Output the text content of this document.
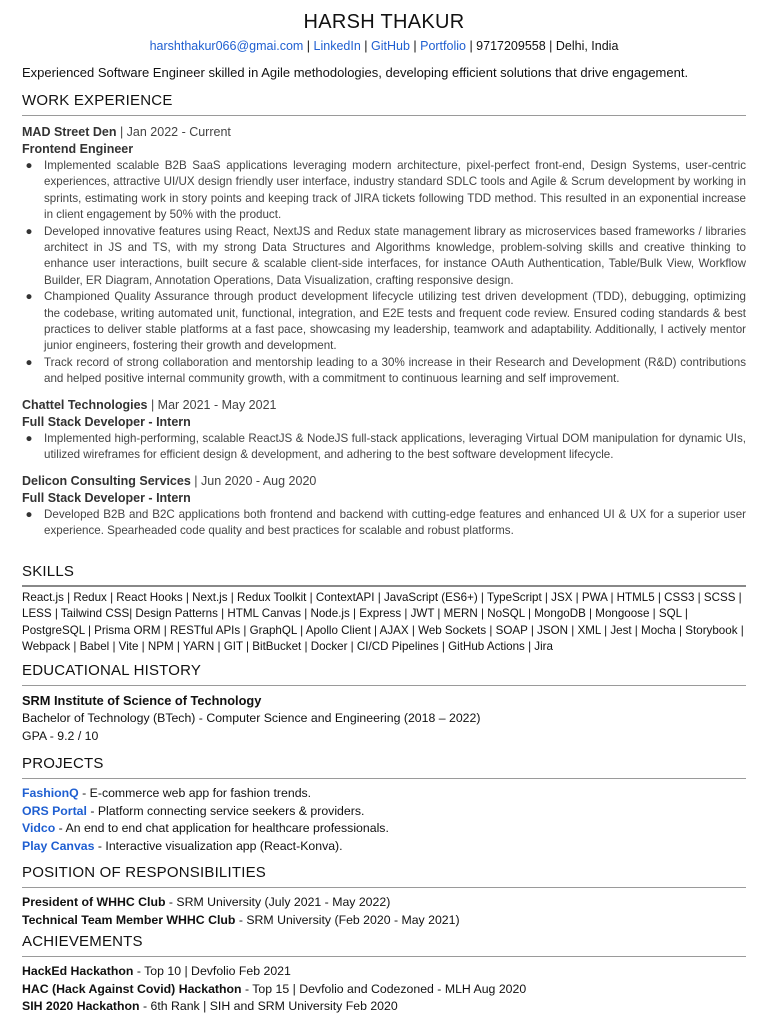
HARSH THAKUR
harshthakur066@gmai.com | LinkedIn | GitHub | Portfolio | 9717209558 | Delhi, India
Experienced Software Engineer skilled in Agile methodologies, developing efficient solutions that drive engagement.
WORK EXPERIENCE
MAD Street Den | Jan 2022 - Current
Frontend Engineer
● Implemented scalable B2B SaaS applications leveraging modern architecture, pixel-perfect front-end, Design Systems, user-centric experiences, attractive UI/UX design friendly user interface, industry standard SDLC tools and Agile & Scrum development by working in sprints, estimating work in story points and keeping track of JIRA tickets following TDD method. This resulted in an exponential increase in client engagement by 50% with the product.
● Developed innovative features using React, NextJS and Redux state management library as microservices based frameworks / libraries architect in JS and TS, with my strong Data Structures and Algorithms knowledge, problem-solving skills and creative thinking to enhance user interactions, built secure & scalable client-side interfaces, for instance OAuth Authentication, Table/Bulk View, Workflow Builder, ER Diagram, Annotation Operations, Data Visualization, crafting responsive design.
● Championed Quality Assurance through product development lifecycle utilizing test driven development (TDD), debugging, optimizing the codebase, writing automated unit, functional, integration, and E2E tests and frequent code review. Ensured coding standards & best practices to deliver stable platforms at a fast pace, showcasing my leadership, teamwork and adaptability. Additionally, I actively mentor junior engineers, fostering their growth and development.
● Track record of strong collaboration and mentorship leading to a 30% increase in their Research and Development (R&D) contributions and helped positive internal community growth, with a commitment to continuous learning and self improvement.
Chattel Technologies | Mar 2021 - May 2021
Full Stack Developer - Intern
● Implemented high-performing, scalable ReactJS & NodeJS full-stack applications, leveraging Virtual DOM manipulation for dynamic UIs, utilized wireframes for efficient design & development, and adhering to the best software development lifecycle.
Delicon Consulting Services | Jun 2020 - Aug 2020
Full Stack Developer - Intern
● Developed B2B and B2C applications both frontend and backend with cutting-edge features and enhanced UI & UX for a superior user experience. Spearheaded code quality and best practices for scalable and robust platforms.
SKILLS
React.js | Redux | React Hooks | Next.js | Redux Toolkit | ContextAPI | JavaScript (ES6+) | TypeScript | JSX | PWA | HTML5 | CSS3 | SCSS | LESS | Tailwind CSS| Design Patterns | HTML Canvas | Node.js | Express | JWT | MERN | NoSQL | MongoDB | Mongoose | SQL | PostgreSQL | Prisma ORM | RESTful APIs | GraphQL | Apollo Client | AJAX | Web Sockets | SOAP | JSON | XML | Jest | Mocha | Storybook | Webpack | Babel | Vite | NPM | YARN | GIT | BitBucket | Docker | CI/CD Pipelines | GitHub Actions | Jira
EDUCATIONAL HISTORY
SRM Institute of Science of Technology
Bachelor of Technology (BTech) - Computer Science and Engineering (2018 – 2022)
GPA - 9.2 / 10
PROJECTS
FashionQ - E-commerce web app for fashion trends.
ORS Portal - Platform connecting service seekers & providers.
Vidco - An end to end chat application for healthcare professionals.
Play Canvas - Interactive visualization app (React-Konva).
POSITION OF RESPONSIBILITIES
President of WHHC Club - SRM University (July 2021 - May 2022)
Technical Team Member WHHC Club - SRM University (Feb 2020 - May 2021)
ACHIEVEMENTS
HackEd Hackathon - Top 10 | Devfolio Feb 2021
HAC (Hack Against Covid) Hackathon - Top 15 | Devfolio and Codezoned - MLH Aug 2020
SIH 2020 Hackathon - 6th Rank | SIH and SRM University Feb 2020
